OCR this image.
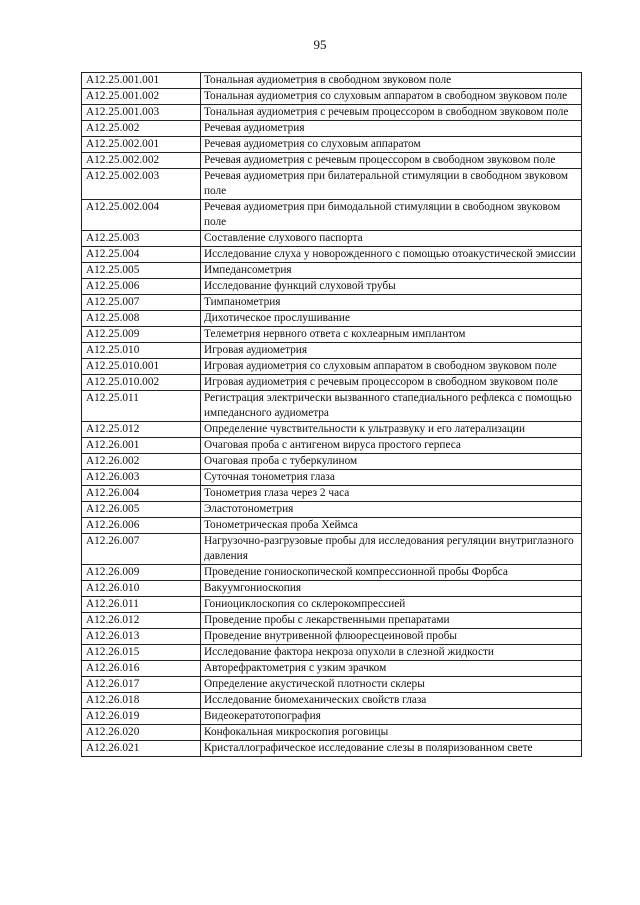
95
A12.25.001.001	Тональная аудиометрия в свободном звуковом поле
A12.25.001.002	Тональная аудиометрия со слуховым аппаратом в свободном звуковом поле
A12.25.001.003	Тональная аудиометрия с речевым процессором в свободном звуковом поле
A12.25.002	Речевая аудиометрия
A12.25.002.001	Речевая аудиометрия со слуховым аппаратом
A12.25.002.002	Речевая аудиометрия с речевым процессором в свободном звуковом поле
A12.25.002.003	Речевая аудиометрия при билатеральной стимуляции в свободном звуковом поле
A12.25.002.004	Речевая аудиометрия при бимодальной стимуляции в свободном звуковом поле
A12.25.003	Составление слухового паспорта
A12.25.004	Исследование слуха у новорожденного с помощью отоакустической эмиссии
A12.25.005	Импедансометрия
A12.25.006	Исследование функций слуховой трубы
A12.25.007	Тимпанометрия
A12.25.008	Дихотическое прослушивание
A12.25.009	Телеметрия нервного ответа с кохлеарным имплантом
A12.25.010	Игровая аудиометрия
A12.25.010.001	Игровая аудиометрия со слуховым аппаратом в свободном звуковом поле
A12.25.010.002	Игровая аудиометрия с речевым процессором в свободном звуковом поле
A12.25.011	Регистрация электрически вызванного стапедиального рефлекса с помощью импедансного аудиометра
A12.25.012	Определение чувствительности к ультразвуку и его латерализации
A12.26.001	Очаговая проба с антигеном вируса простого герпеса
A12.26.002	Очаговая проба с туберкулином
A12.26.003	Суточная тонометрия глаза
A12.26.004	Тонометрия глаза через 2 часа
A12.26.005	Эластотонометрия
A12.26.006	Тонометрическая проба Хеймса
A12.26.007	Нагрузочно-разгрузовые пробы для исследования регуляции внутриглазного давления
A12.26.009	Проведение гониоскопической компрессионной пробы Форбса
A12.26.010	Вакуумгониоскопия
A12.26.011	Гониоциклоскопия со склерокомпрессией
A12.26.012	Проведение пробы с лекарственными препаратами
A12.26.013	Проведение внутривенной флюоресцеиновой пробы
A12.26.015	Исследование фактора некроза опухоли в слезной жидкости
A12.26.016	Авторефрактометрия с узким зрачком
A12.26.017	Определение акустической плотности склеры
A12.26.018	Исследование биомеханических свойств глаза
A12.26.019	Видеокератотопография
A12.26.020	Конфокальная микроскопия роговицы
A12.26.021	Кристаллографическое исследование слезы в поляризованном свете
